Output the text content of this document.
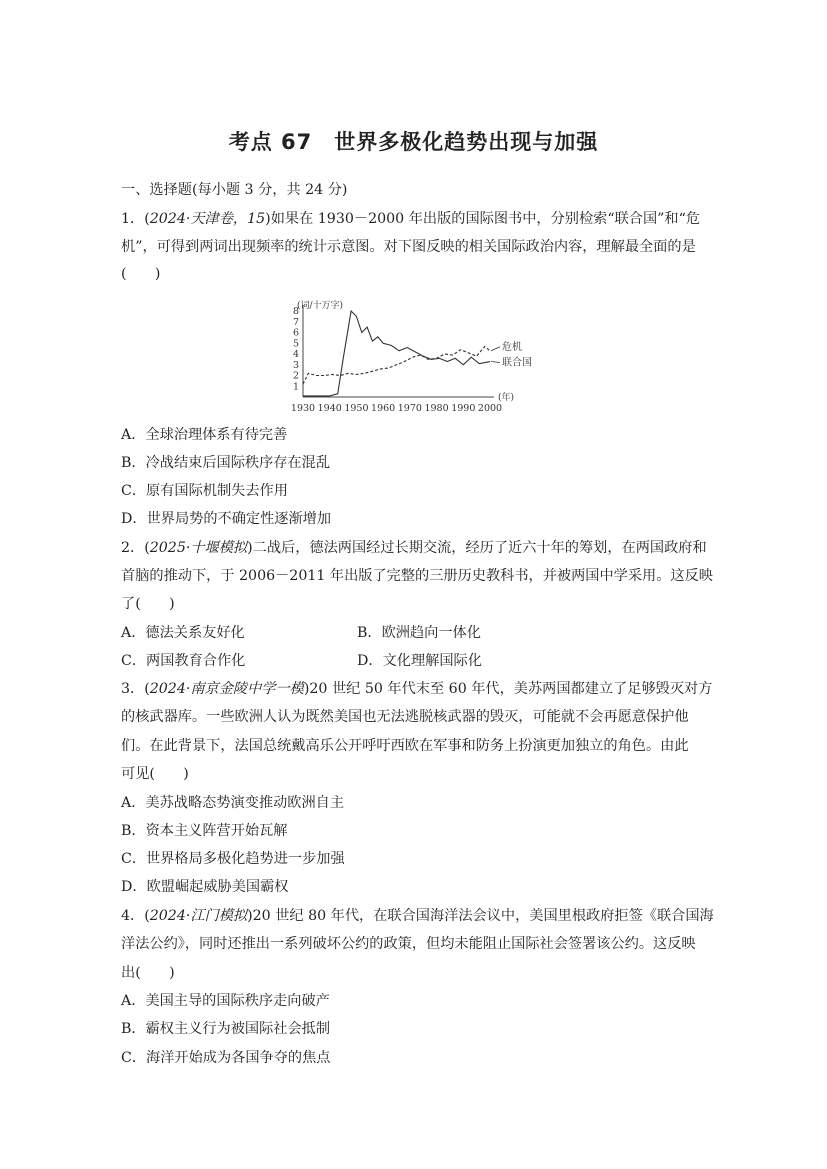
考点 67　世界多极化趋势出现与加强
一、选择题(每小题 3 分，共 24 分)
1．(2024·天津卷，15)如果在 1930－2000 年出版的国际图书中，分别检索“联合国”和“危
机”，可得到两词出现频率的统计示意图。对下图反映的相关国际政治内容，理解最全面的是
(　　)
(词/十万字)
(年)
1
2
3
4
5
6
7
8
1930 1940 1950 1960 1970 1980 1990 2000
危机
联合国
A．全球治理体系有待完善
B．冷战结束后国际秩序存在混乱
C．原有国际机制失去作用
D．世界局势的不确定性逐渐增加
2．(2025·十堰模拟)二战后，德法两国经过长期交流，经历了近六十年的筹划，在两国政府和
首脑的推动下，于 2006－2011 年出版了完整的三册历史教科书，并被两国中学采用。这反映
了(　　)
A．德法关系友好化	B．欧洲趋向一体化
C．两国教育合作化	D．文化理解国际化
3．(2024·南京金陵中学一模)20 世纪 50 年代末至 60 年代，美苏两国都建立了足够毁灭对方
的核武器库。一些欧洲人认为既然美国也无法逃脱核武器的毁灭，可能就不会再愿意保护他
们。在此背景下，法国总统戴高乐公开呼吁西欧在军事和防务上扮演更加独立的角色。由此
可见(　　)
A．美苏战略态势演变推动欧洲自主
B．资本主义阵营开始瓦解
C．世界格局多极化趋势进一步加强
D．欧盟崛起威胁美国霸权
4．(2024·江门模拟)20 世纪 80 年代，在联合国海洋法会议中，美国里根政府拒签《联合国海
洋法公约》，同时还推出一系列破坏公约的政策，但均未能阻止国际社会签署该公约。这反映
出(　　)
A．美国主导的国际秩序走向破产
B．霸权主义行为被国际社会抵制
C．海洋开始成为各国争夺的焦点
